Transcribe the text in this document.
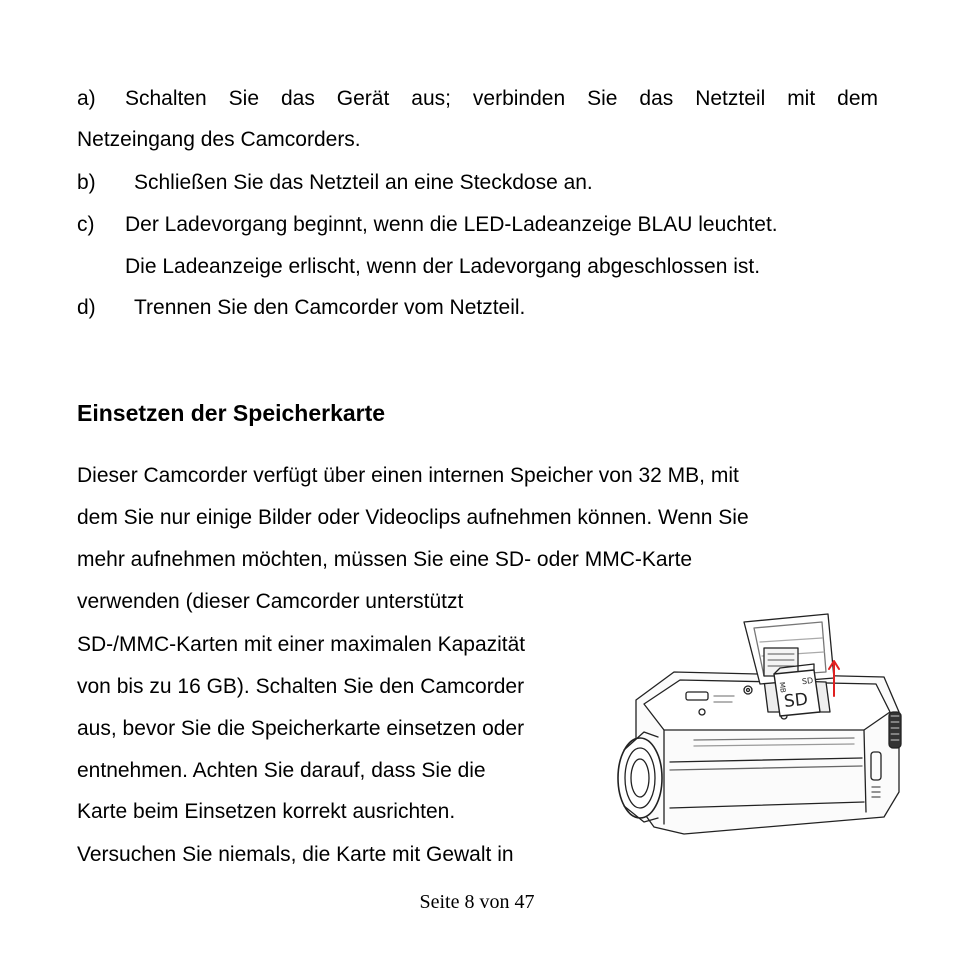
a) Schalten Sie das Gerät aus; verbinden Sie das Netzteil mit dem
Netzeingang des Camcorders.
b) Schließen Sie das Netzteil an eine Steckdose an.
c) Der Ladevorgang beginnt, wenn die LED-Ladeanzeige BLAU leuchtet.
Die Ladeanzeige erlischt, wenn der Ladevorgang abgeschlossen ist.
d) Trennen Sie den Camcorder vom Netzteil.
Einsetzen der Speicherkarte
Dieser Camcorder verfügt über einen internen Speicher von 32 MB, mit
dem Sie nur einige Bilder oder Videoclips aufnehmen können. Wenn Sie
mehr aufnehmen möchten, müssen Sie eine SD- oder MMC-Karte
verwenden (dieser Camcorder unterstützt
SD-/MMC-Karten mit einer maximalen Kapazität
von bis zu 16 GB). Schalten Sie den Camcorder
aus, bevor Sie die Speicherkarte einsetzen oder
entnehmen. Achten Sie darauf, dass Sie die
Karte beim Einsetzen korrekt ausrichten.
Versuchen Sie niemals, die Karte mit Gewalt in
SD
SD
MB
Seite 8 von 47
